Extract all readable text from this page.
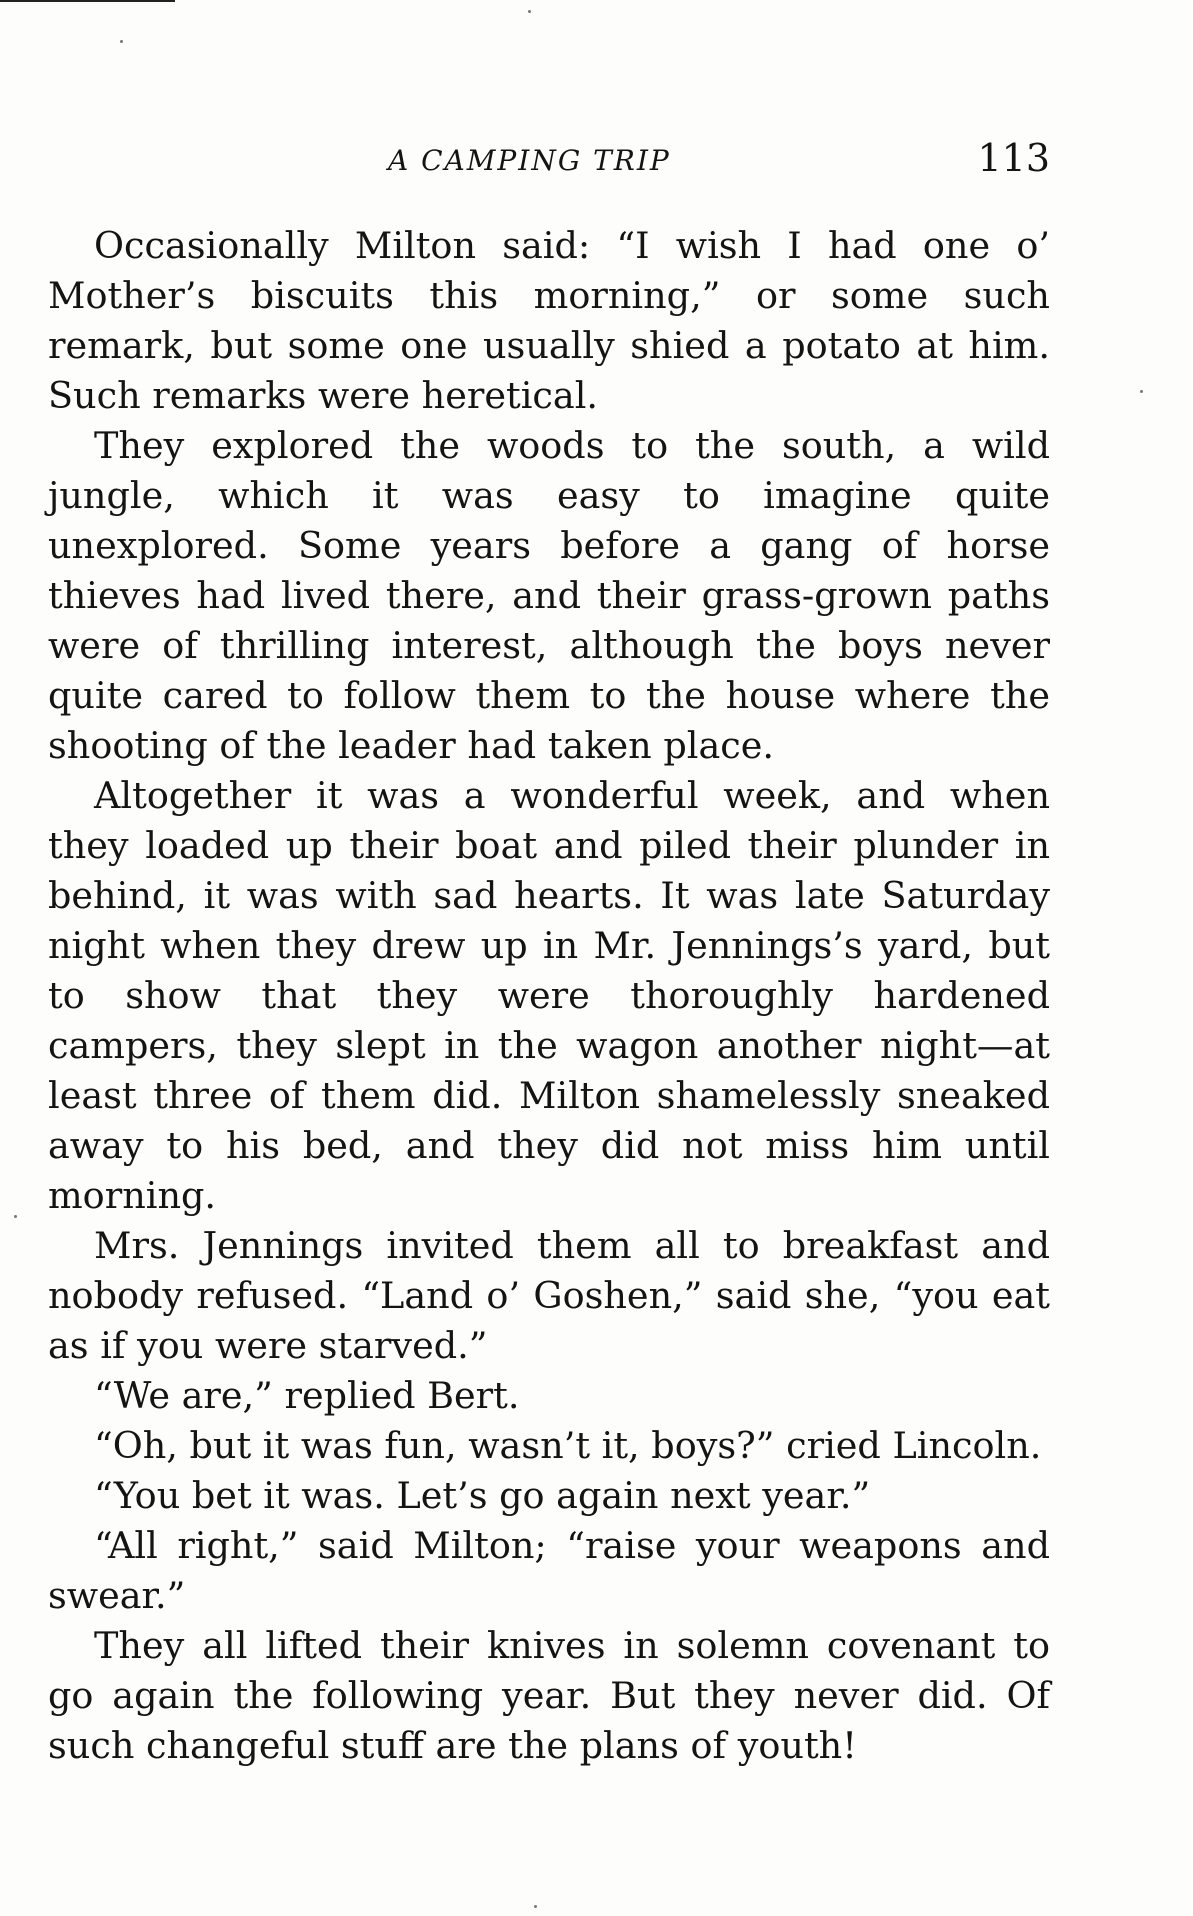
A CAMPING TRIP	113

Occasionally Milton said: “I wish I had one o’ Mother’s biscuits this morning,” or some such remark, but some one usually shied a potato at him. Such remarks were heretical.

They explored the woods to the south, a wild jungle, which it was easy to imagine quite unexplored. Some years before a gang of horse thieves had lived there, and their grass-grown paths were of thrilling interest, although the boys never quite cared to follow them to the house where the shooting of the leader had taken place.

Altogether it was a wonderful week, and when they loaded up their boat and piled their plunder in behind, it was with sad hearts. It was late Saturday night when they drew up in Mr. Jennings’s yard, but to show that they were thoroughly hardened campers, they slept in the wagon another night—at least three of them did. Milton shamelessly sneaked away to his bed, and they did not miss him until morning.

Mrs. Jennings invited them all to breakfast and nobody refused. “Land o’ Goshen,” said she, “you eat as if you were starved.”

“We are,” replied Bert.

“Oh, but it was fun, wasn’t it, boys?” cried Lincoln.

“You bet it was. Let’s go again next year.”

“All right,” said Milton; “raise your weapons and swear.”

They all lifted their knives in solemn covenant to go again the following year. But they never did. Of such changeful stuff are the plans of youth!
